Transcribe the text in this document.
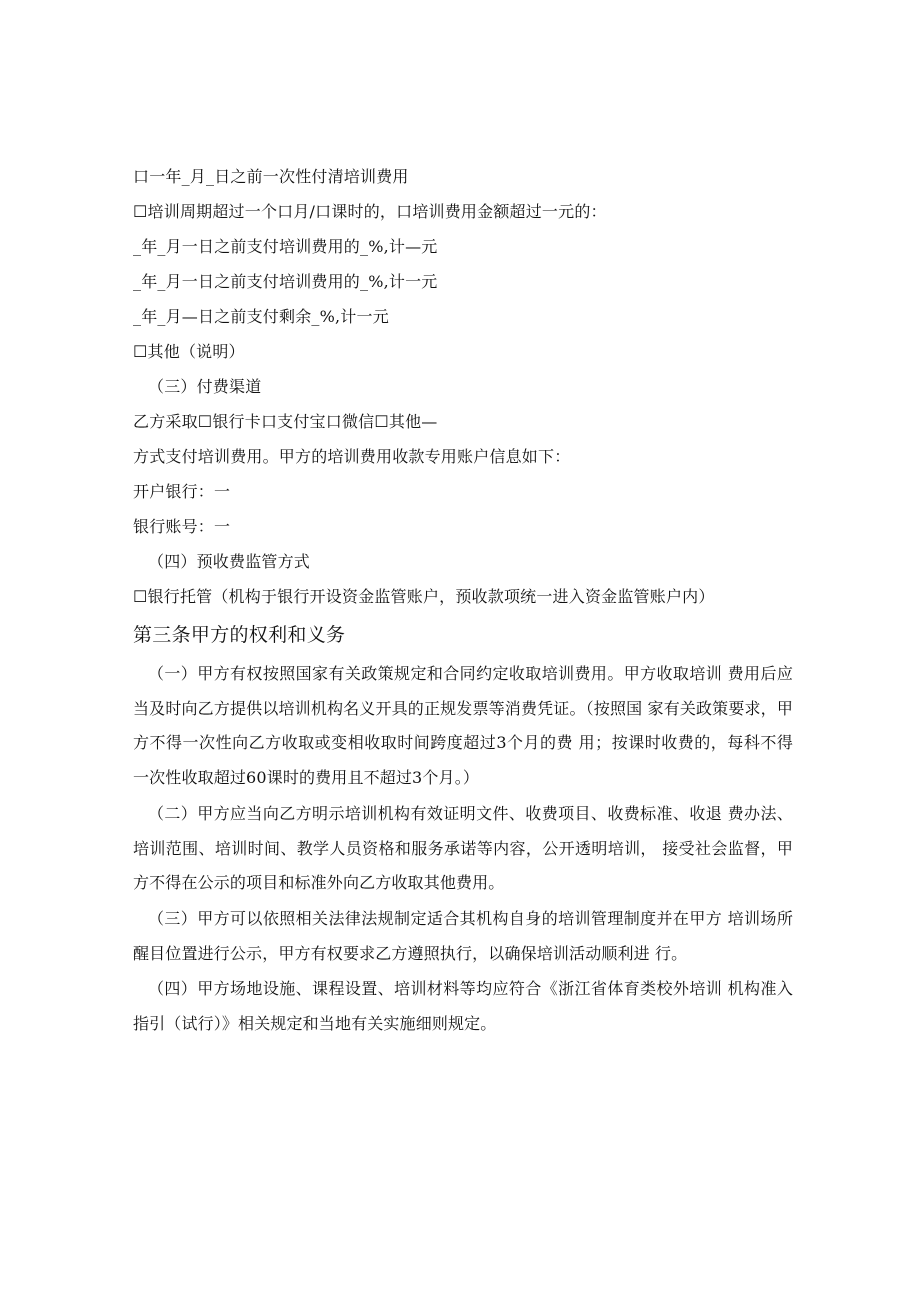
口一年_月_日之前一次性付清培训费用
☐培训周期超过一个口月/口课时的，口培训费用金额超过一元的：
_年_月一日之前支付培训费用的_%,计—元
_年_月一日之前支付培训费用的_%,计一元
_年_月—日之前支付剩余_%,计一元
☐其他（说明）
（三）付费渠道
乙方采取☐银行卡口支付宝口微信☐其他—
方式支付培训费用。甲方的培训费用收款专用账户信息如下：
开户银行：一
银行账号：一
（四）预收费监管方式
☐银行托管（机构于银行开设资金监管账户，预收款项统一进入资金监管账户内）
第三条甲方的权利和义务

（一）甲方有权按照国家有关政策规定和合同约定收取培训费用。甲方收取培训 费用后应当及时向乙方提供以培训机构名义开具的正规发票等消费凭证。（按照国 家有关政策要求，甲方不得一次性向乙方收取或变相收取时间跨度超过3个月的费 用；按课时收费的，每科不得一次性收取超过60课时的费用且不超过3个月。）

（二）甲方应当向乙方明示培训机构有效证明文件、收费项目、收费标准、收退 费办法、培训范围、培训时间、教学人员资格和服务承诺等内容，公开透明培训， 接受社会监督，甲方不得在公示的项目和标准外向乙方收取其他费用。

（三）甲方可以依照相关法律法规制定适合其机构自身的培训管理制度并在甲方 培训场所醒目位置进行公示，甲方有权要求乙方遵照执行，以确保培训活动顺利进 行。

（四）甲方场地设施、课程设置、培训材料等均应符合《浙江省体育类校外培训 机构准入指引（试行）》相关规定和当地有关实施细则规定。
